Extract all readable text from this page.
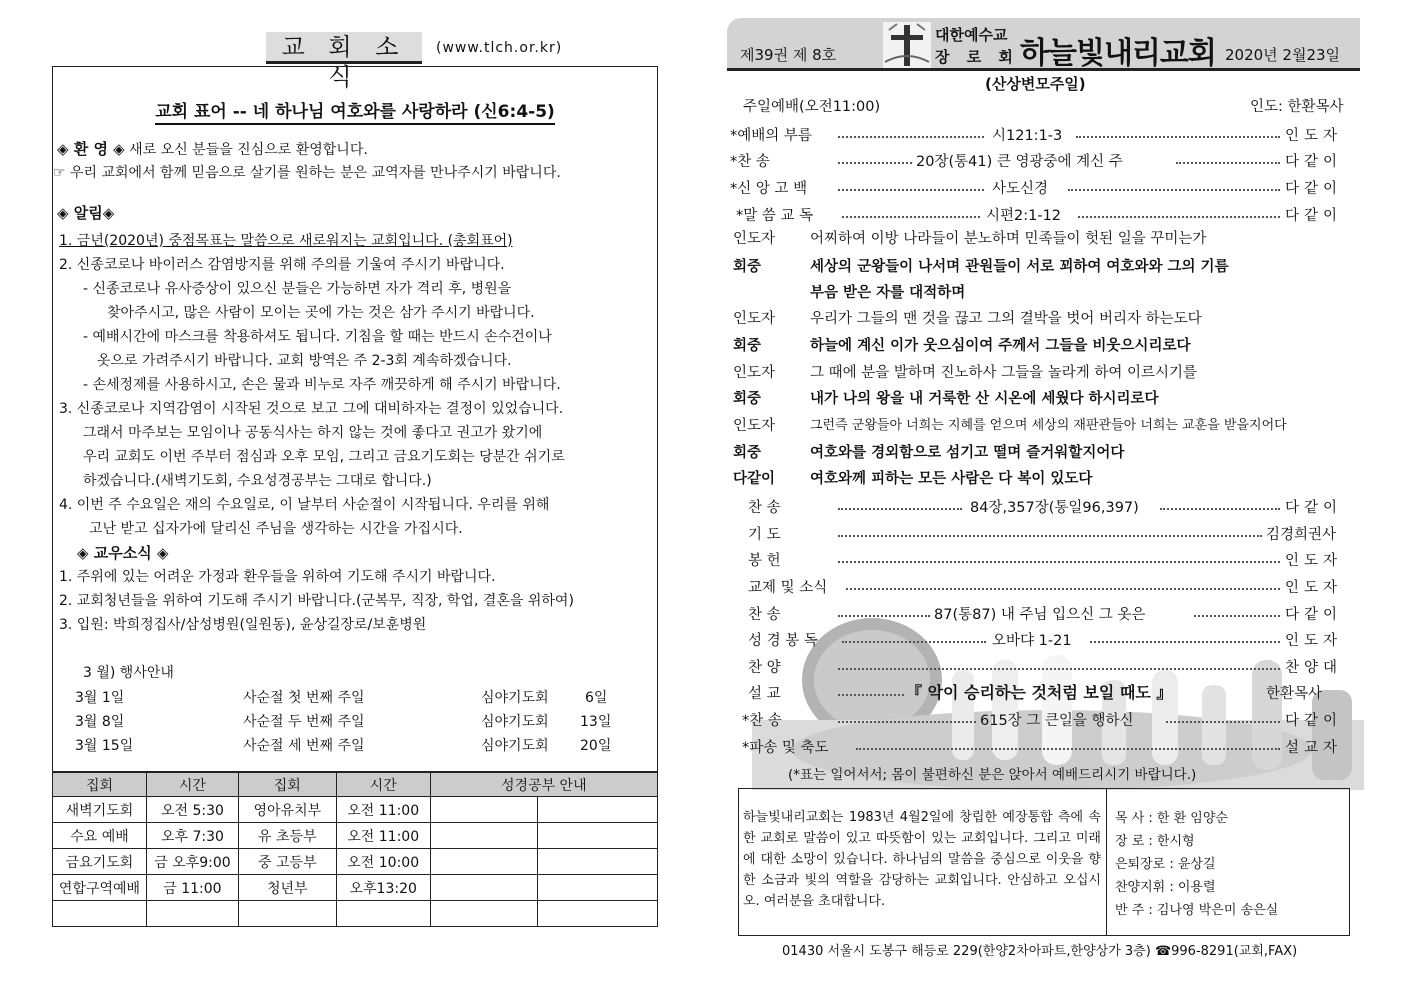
교 회 소 식
(www.tlch.or.kr)
교회 표어 -- 네 하나님 여호와를 사랑하라 (신6:4-5)
◈ 환 영 ◈ 새로 오신 분들을 진심으로 환영합니다.
☞ 우리 교회에서 함께 믿음으로 살기를 원하는 분은 교역자를 만나주시기 바랍니다.
◈ 알림◈
1. 금년(2020년) 중점목표는 말씀으로 새로워지는 교회입니다. (총회표어)
2. 신종코로나 바이러스 감염방지를 위해 주의를 기울여 주시기 바랍니다.
- 신종코로나 유사증상이 있으신 분들은 가능하면 자가 격리 후, 병원을
찾아주시고, 많은 사람이 모이는 곳에 가는 것은 삼가 주시기 바랍니다.
- 예배시간에 마스크를 착용하셔도 됩니다. 기침을 할 때는 반드시 손수건이나
옷으로 가려주시기 바랍니다. 교회 방역은 주 2-3회 계속하겠습니다.
- 손세정제를 사용하시고, 손은 물과 비누로 자주 깨끗하게 해 주시기 바랍니다.
3. 신종코로나 지역감염이 시작된 것으로 보고 그에 대비하자는 결정이 있었습니다.
그래서 마주보는 모임이나 공동식사는 하지 않는 것에 좋다고 권고가 왔기에
우리 교회도 이번 주부터 점심과 오후 모임, 그리고 금요기도회는 당분간 쉬기로
하겠습니다.(새벽기도회, 수요성경공부는 그대로 합니다.)
4. 이번 주 수요일은 재의 수요일로, 이 날부터 사순절이 시작됩니다. 우리를 위해
고난 받고 십자가에 달리신 주님을 생각하는 시간을 가집시다.
◈ 교우소식 ◈
1. 주위에 있는 어려운 가정과 환우들을 위하여 기도해 주시기 바랍니다.
2. 교회청년들을 위하여 기도해 주시기 바랍니다.(군복무, 직장, 학업, 결혼을 위하여)
3. 입원: 박희정집사/삼성병원(일원동), 윤상길장로/보훈병원
3 월) 행사안내
3월 1일	사순절 첫 번째 주일	심야기도회	6일
3월 8일	사순절 두 번째 주일	심야기도회 13일
3월 15일	사순절 세 번째 주일	심야기도회 20일
집회	시간	집회	시간	성경공부 안내	
새벽기도회	오전 5:30	영아유치부	오전 11:00		
수요 예배	오후 7:30	유 초등부	오전 11:00		
금요기도회	금 오후9:00	중 고등부	오전 10:00		
연합구역예배	금 11:00	청년부	오후13:20		

제39권 제 8호
대한예수교
장 로 회 하늘빛내리교회 2020년 2월23일
(산상변모주일)
주일예배(오전11:00)	인도: 한환목사
*예배의 부름	시121:1-3	인도자
*찬 송	20장(통41) 큰 영광중에 계신 주	다같이
*신 앙 고 백	사도신경	다같이
*말 씀 교 독	시편2:1-12	다같이
인도자 어찌하여 이방 나라들이 분노하며 민족들이 헛된 일을 꾸미는가
회중	세상의 군왕들이 나서며 관원들이 서로 꾀하여 여호와와 그의 기름
부음 받은 자를 대적하며
인도자 우리가 그들의 맨 것을 끊고 그의 결박을 벗어 버리자 하는도다
회중	하늘에 계신 이가 웃으심이여 주께서 그들을 비웃으시리로다
인도자 그 때에 분을 발하며 진노하사 그들을 놀라게 하여 이르시기를
회중	내가 나의 왕을 내 거룩한 산 시온에 세웠다 하시리로다
인도자	그런즉 군왕들아 너희는 지혜를 얻으며 세상의 재판관들아 너희는 교훈을 받을지어다
회중	여호와를 경외함으로 섬기고 떨며 즐거워할지어다
다같이 여호와께 피하는 모든 사람은 다 복이 있도다
찬 송	84장,357장(통일96,397)	다같이
기 도	김경희권사
봉 헌	인도자
교제 및 소식	인도자
찬 송	87(통87) 내 주님 입으신 그 옷은	다같이
성 경 봉 독	오바댜 1-21	인도자
찬 양	찬양대
설 교	『 악이 승리하는 것처럼 보일 때도 』	한환목사
*찬 송	615장 그 큰일을 행하신	다같이
*파송 및 축도	설교자
(*표는 일어서서; 몸이 불편하신 분은 앉아서 예배드리시기 바랍니다.)
하늘빛내리교회는 1983년 4월2일에 창립한 예장통합 측에 속한 교회로 말씀이 있고 따뜻함이 있는 교회입니다. 그리고 미래에 대한 소망이 있습니다. 하나님의 말씀을 중심으로 이웃을 향한 소금과 빛의 역할을 감당하는 교회입니다. 안심하고 오십시오. 여러분을 초대합니다.
목 사 : 한 환 임양순
장 로 : 한시형
은퇴장로 : 윤상길
찬양지휘 : 이용렬
반 주 : 김나영 박은미 송은실
01430 서울시 도봉구 해등로 229(한양2차아파트,한양상가 3층) ☎996-8291(교회,FAX)
